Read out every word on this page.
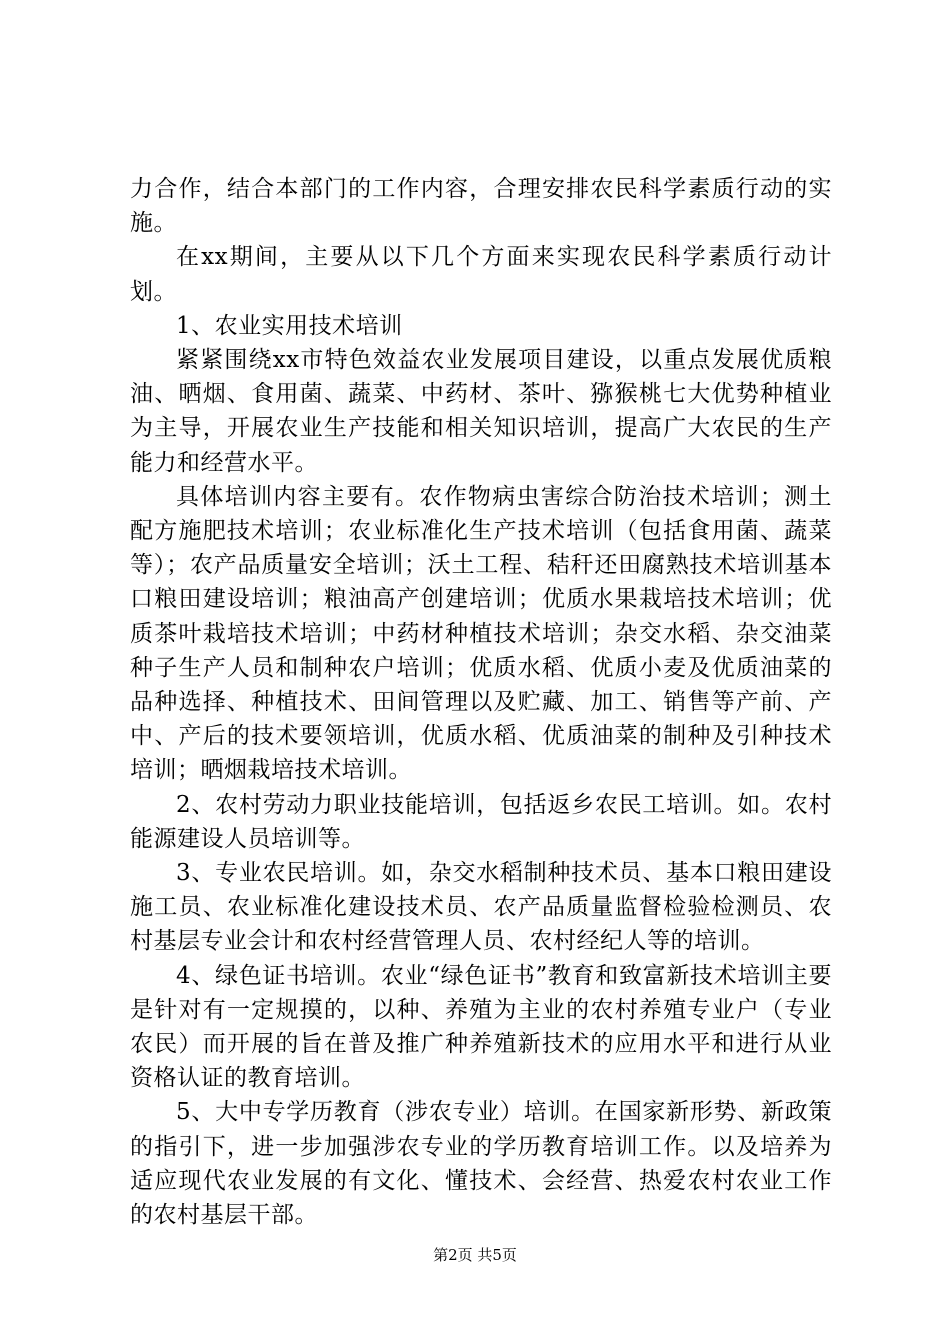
力合作，结合本部门的工作内容，合理安排农民科学素质行动的实施。

在xx期间，主要从以下几个方面来实现农民科学素质行动计划。

1、农业实用技术培训

紧紧围绕xx市特色效益农业发展项目建设，以重点发展优质粮油、晒烟、食用菌、蔬菜、中药材、茶叶、猕猴桃七大优势种植业为主导，开展农业生产技能和相关知识培训，提高广大农民的生产能力和经营水平。

具体培训内容主要有。农作物病虫害综合防治技术培训；测土配方施肥技术培训；农业标准化生产技术培训（包括食用菌、蔬菜等）；农产品质量安全培训；沃土工程、秸秆还田腐熟技术培训基本口粮田建设培训；粮油高产创建培训；优质水果栽培技术培训；优质茶叶栽培技术培训；中药材种植技术培训；杂交水稻、杂交油菜种子生产人员和制种农户培训；优质水稻、优质小麦及优质油菜的品种选择、种植技术、田间管理以及贮藏、加工、销售等产前、产中、产后的技术要领培训，优质水稻、优质油菜的制种及引种技术培训；晒烟栽培技术培训。

2、农村劳动力职业技能培训，包括返乡农民工培训。如。农村能源建设人员培训等。

3、专业农民培训。如，杂交水稻制种技术员、基本口粮田建设施工员、农业标准化建设技术员、农产品质量监督检验检测员、农村基层专业会计和农村经营管理人员、农村经纪人等的培训。

4、绿色证书培训。农业“绿色证书”教育和致富新技术培训主要是针对有一定规摸的，以种、养殖为主业的农村养殖专业户（专业农民）而开展的旨在普及推广种养殖新技术的应用水平和进行从业资格认证的教育培训。

5、大中专学历教育（涉农专业）培训。在国家新形势、新政策的指引下，进一步加强涉农专业的学历教育培训工作。以及培养为适应现代农业发展的有文化、懂技术、会经营、热爱农村农业工作的农村基层干部。

第2页 共5页
